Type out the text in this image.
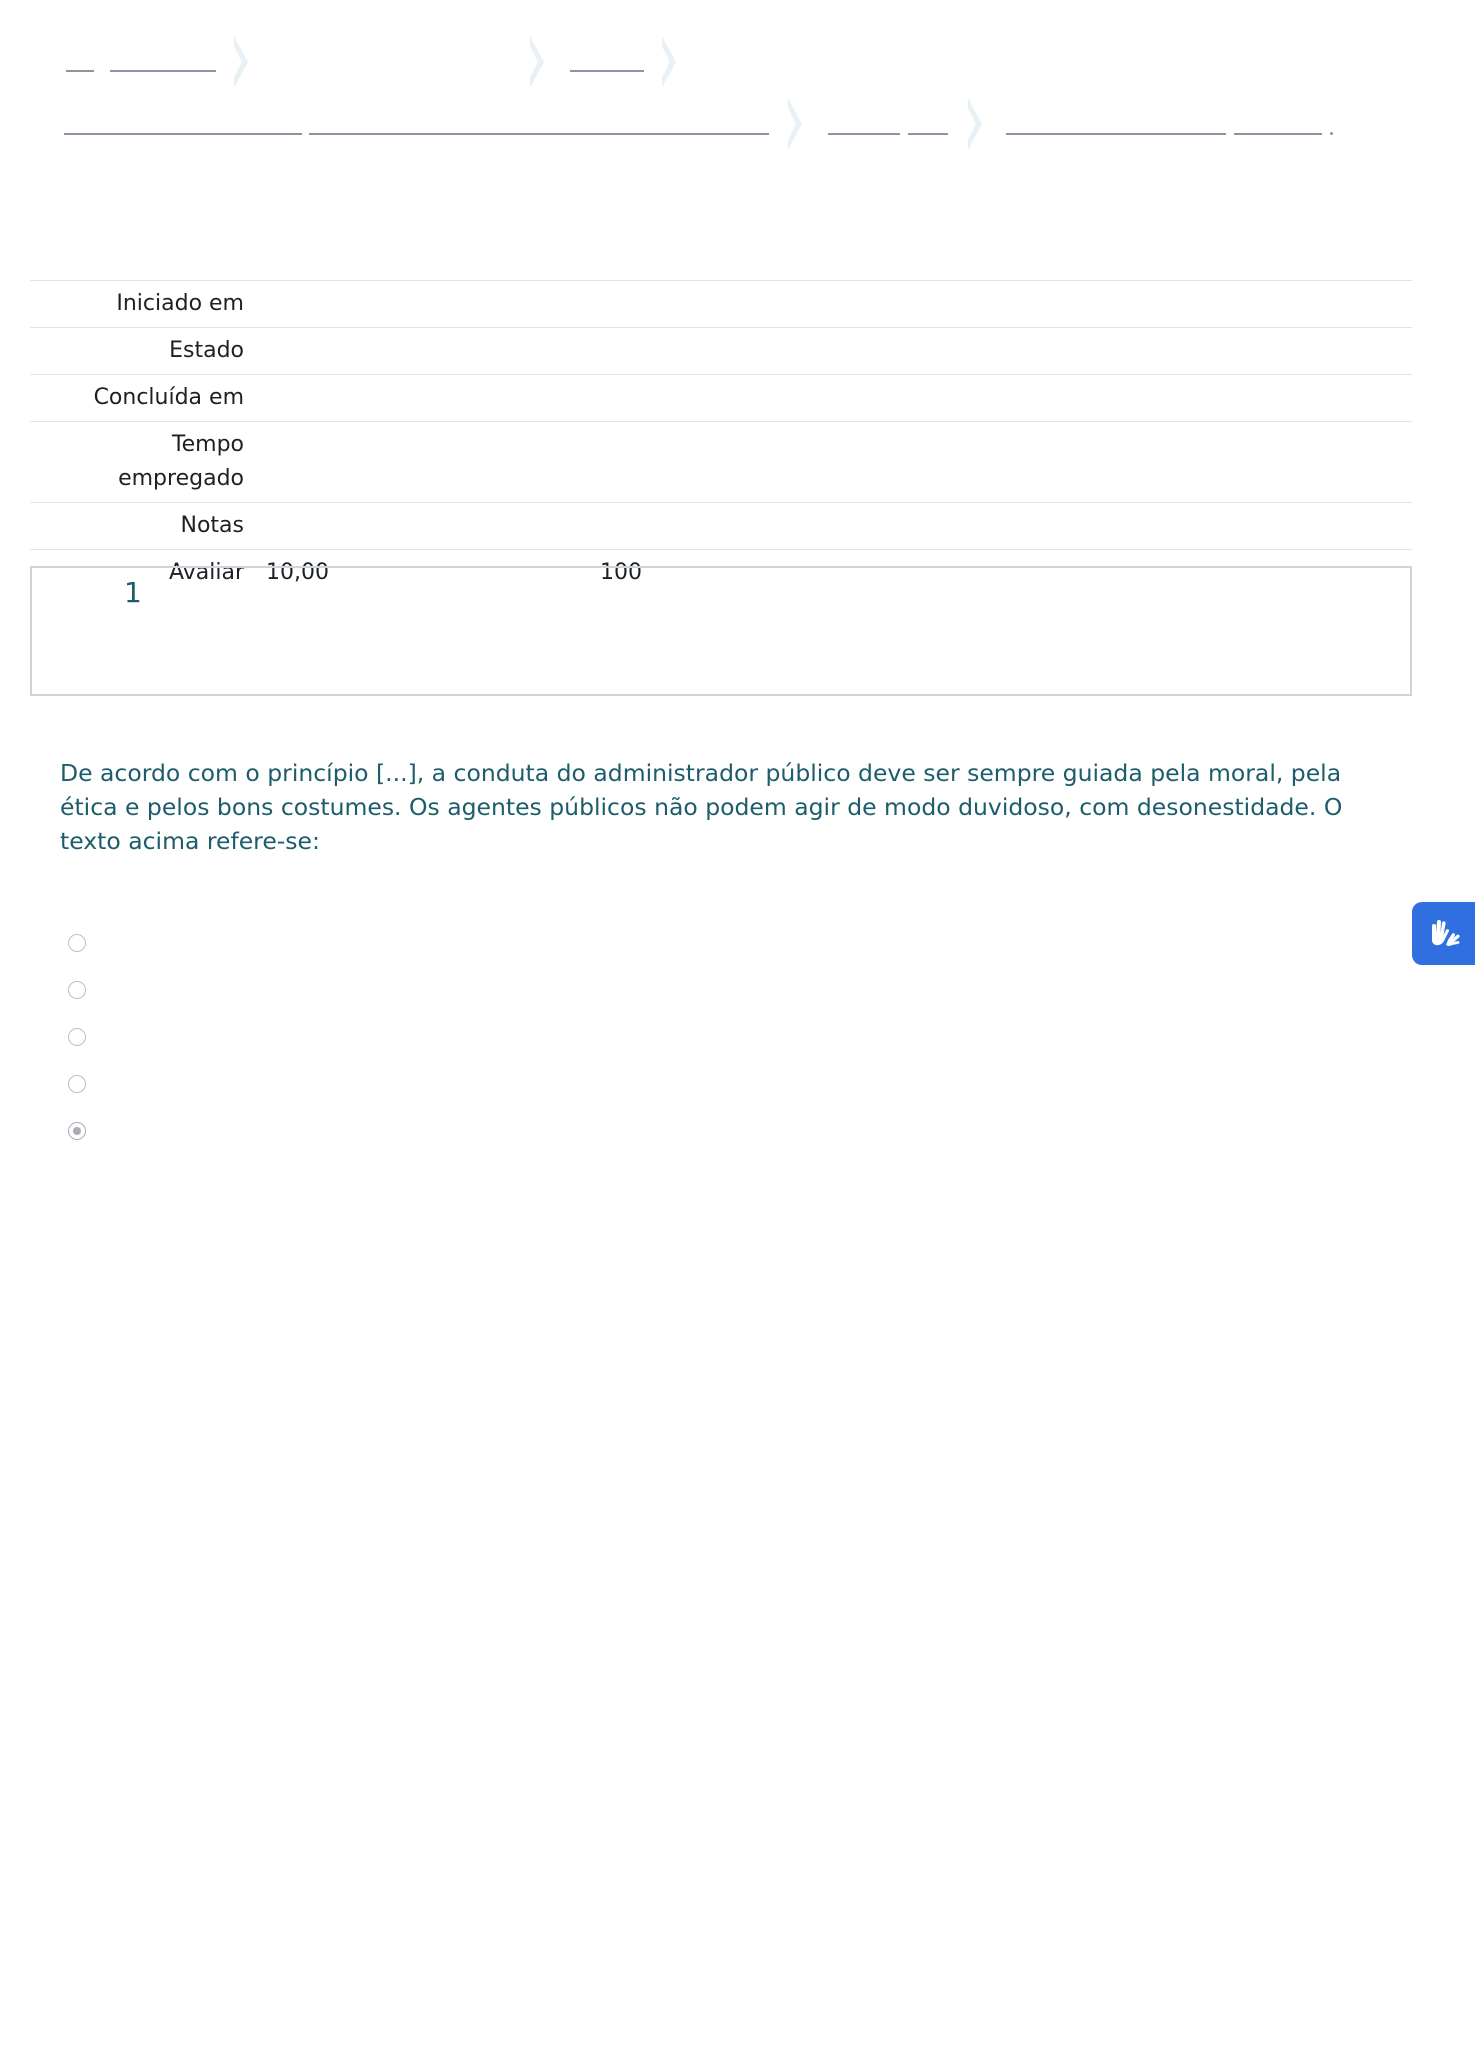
Iniciado em
Estado
Concluída em
Tempo empregado
Notas
Avaliar 10,00	100

1
De acordo com o princípio [...], a conduta do administrador público deve ser sempre guiada pela moral, pela ética e pelos bons costumes. Os agentes públicos não podem agir de modo duvidoso, com desonestidade. O texto acima refere-se:
